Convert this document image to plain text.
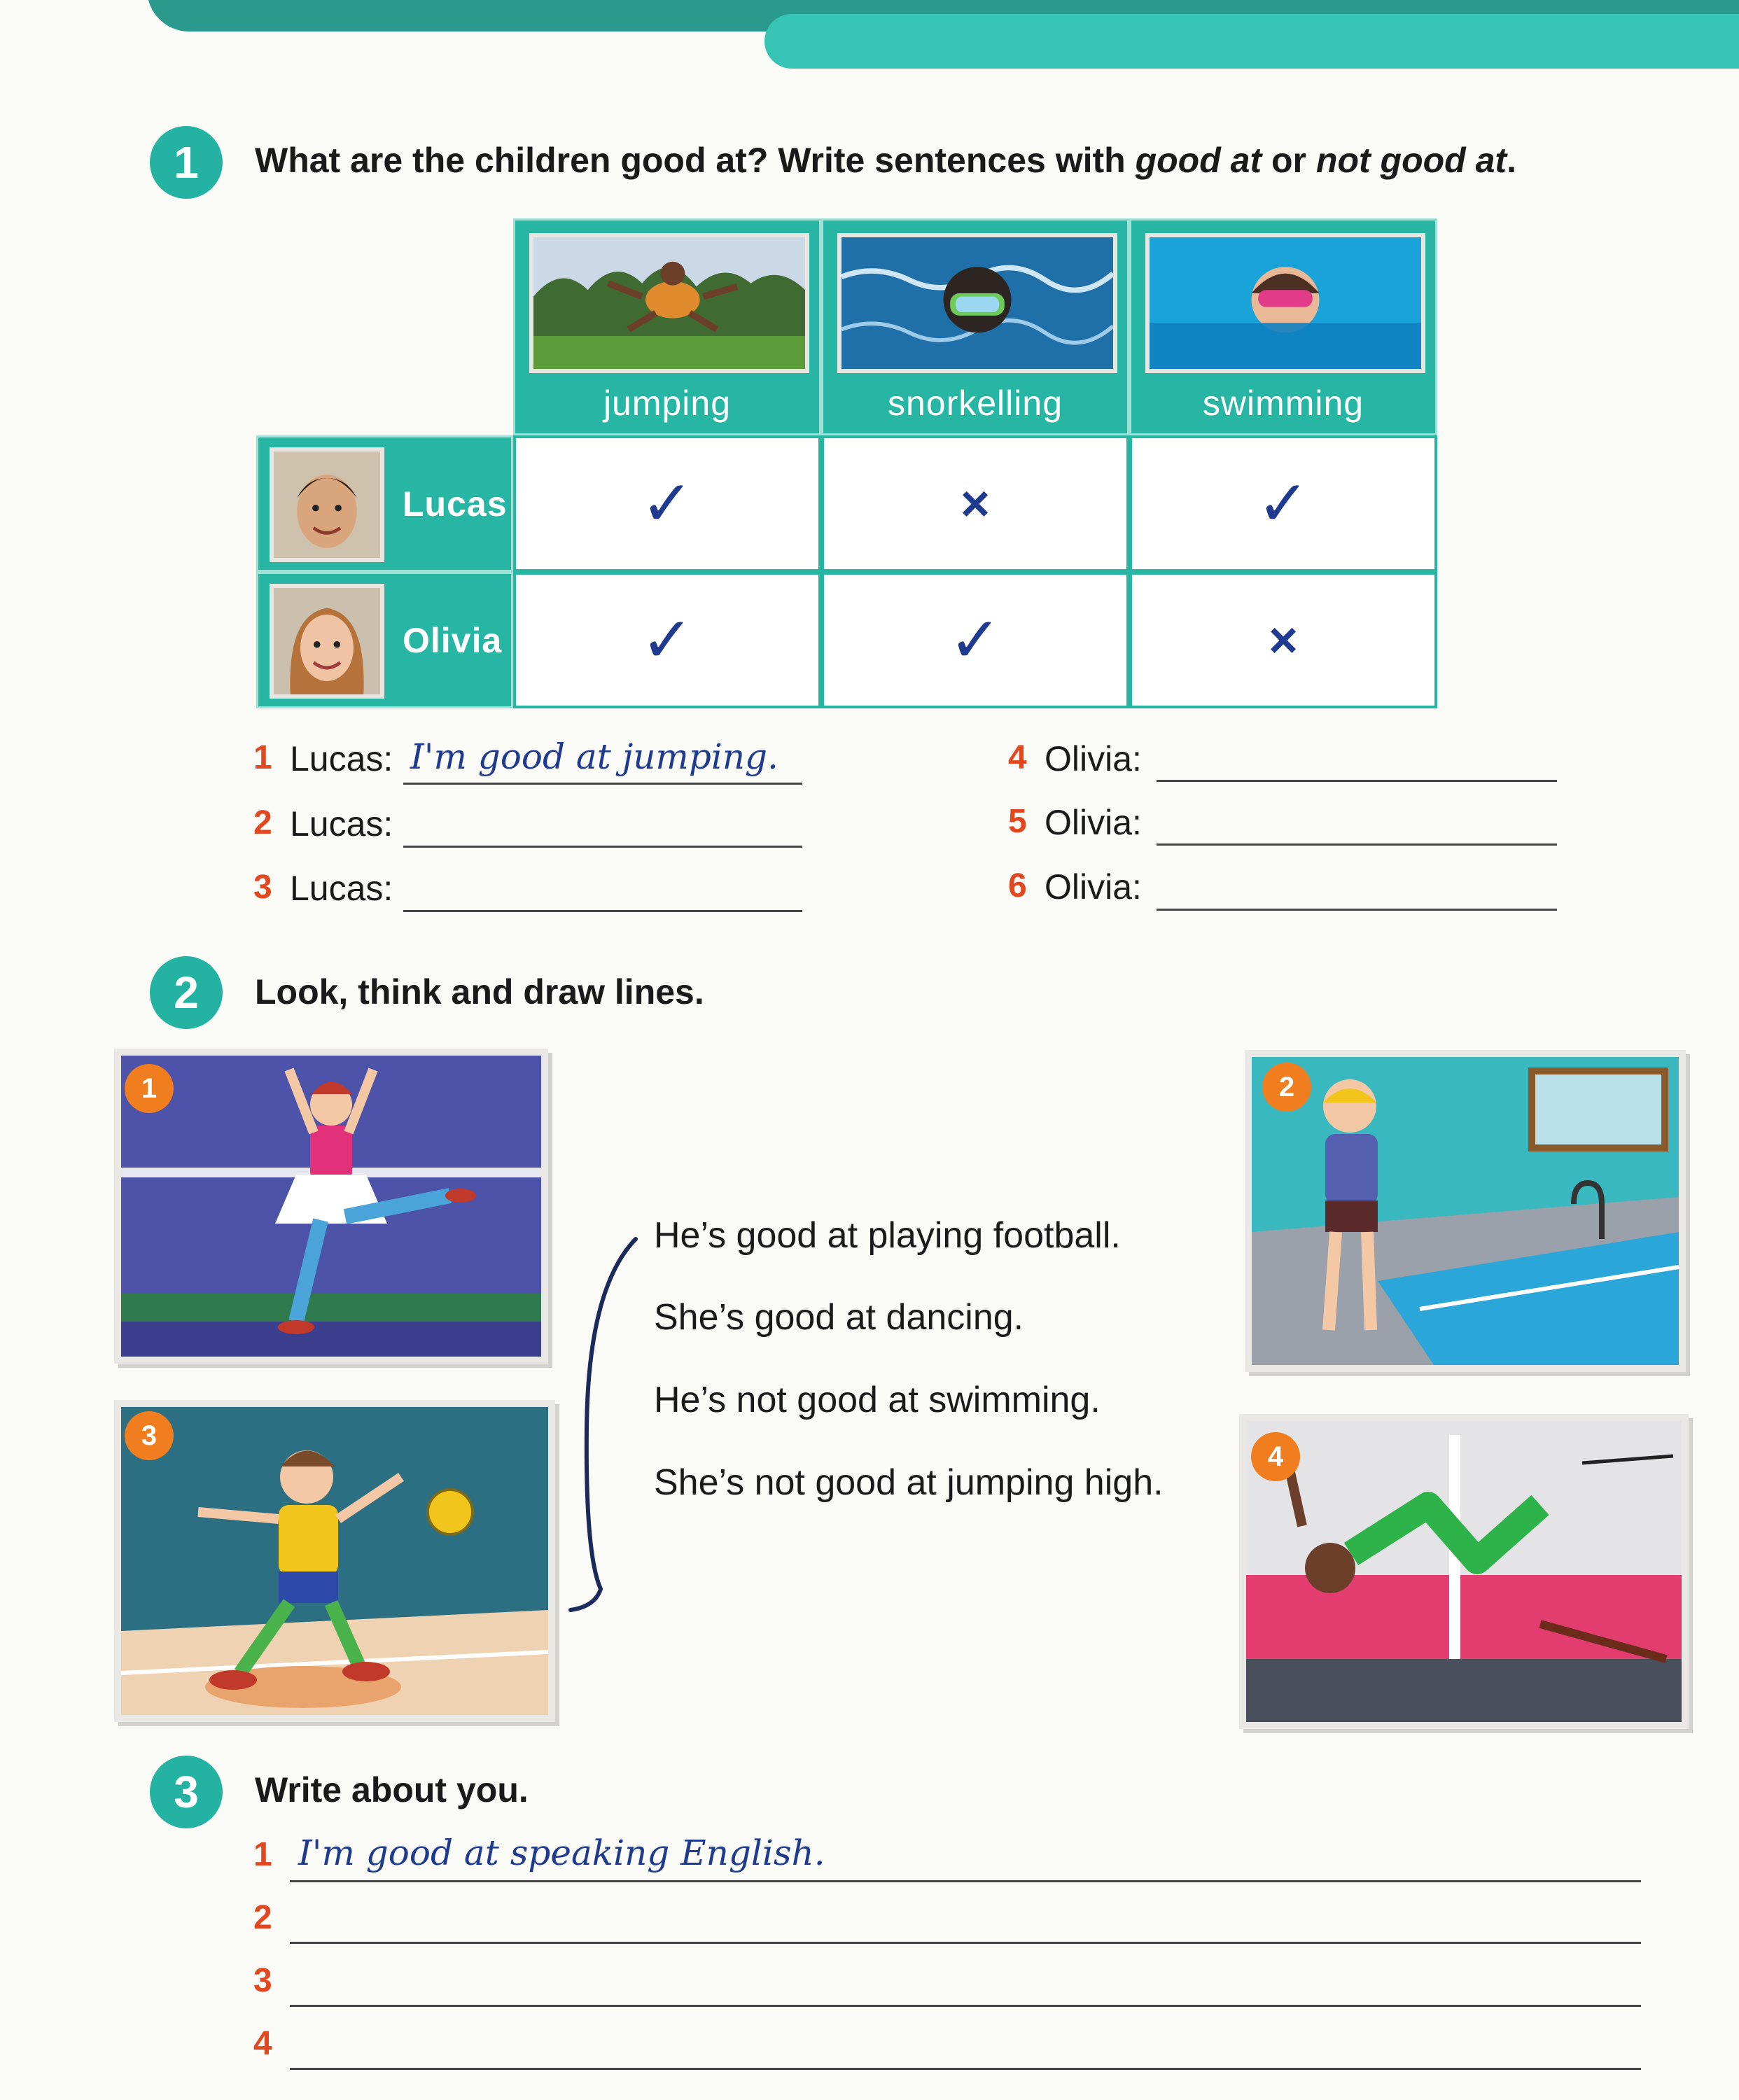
1	What are the children good at? Write sentences with good at or not good at.
jumping	snorkelling	swimming
Lucas ✓	×	✓
Olivia ✓	✓	×
1 Lucas: I'm good at jumping.
2 Lucas:
3 Lucas:
4 Olivia:
5 Olivia:
6 Olivia:
2	Look, think and draw lines.
1
3
2
4
He’s good at playing football.
She’s good at dancing.
He’s not good at swimming.
She’s not good at jumping high.
3	Write about you.
1 I'm good at speaking English.
2
3
4
